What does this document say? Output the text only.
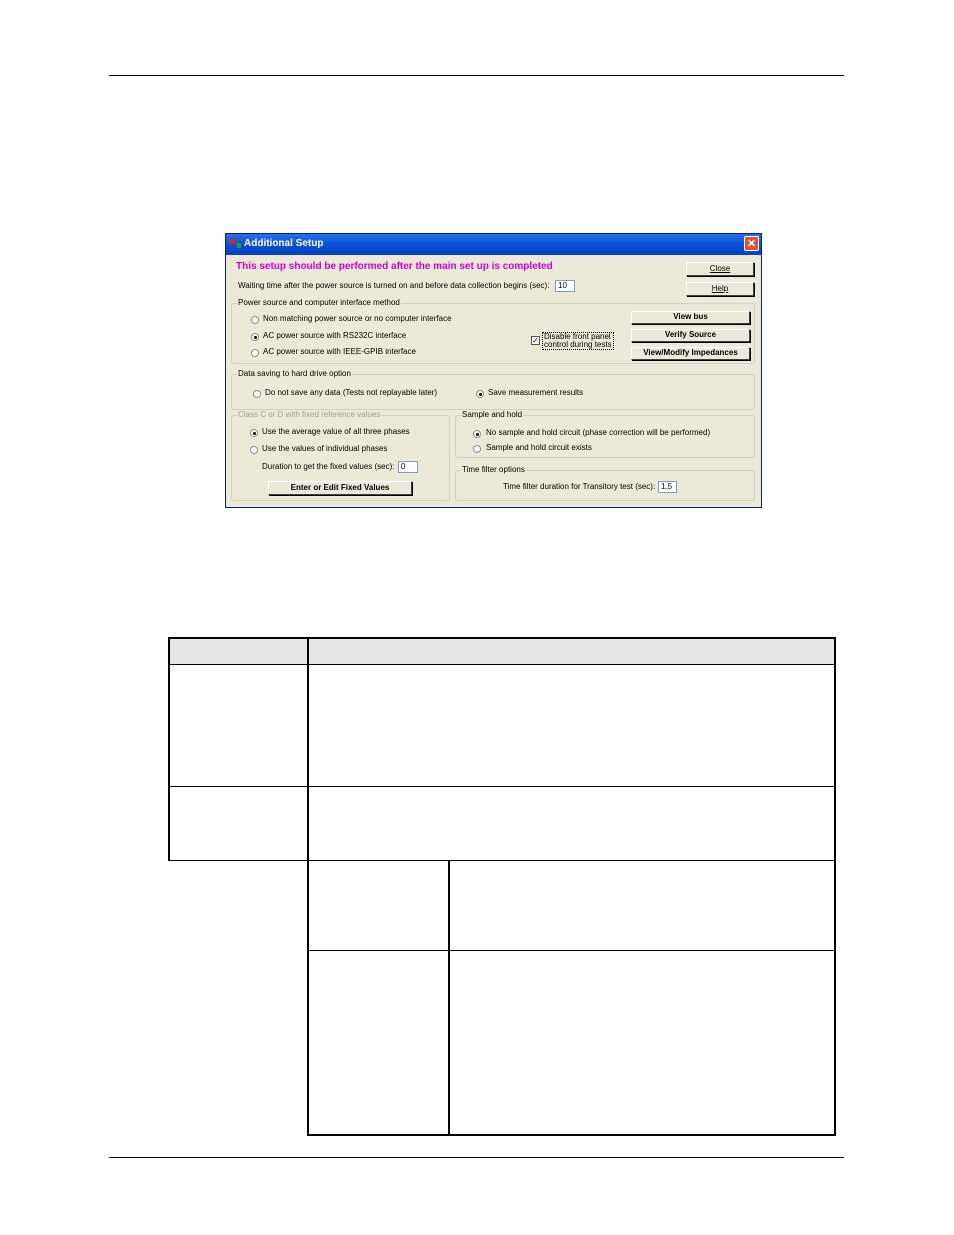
Additional Setup	✕
This setup should be performed after the main set up is completed
Waiting time after the power source is turned on and before data collection begins (sec):	10
Close
Help
Power source and computer interface method
Non matching power source or no computer interface
AC power source with RS232C interface
AC power source with IEEE-GPIB interface
✓ Disable front panel
control during tests
View bus
Verify Source
View/Modify Impedances
Data saving to hard drive option
Do not save any data (Tests not replayable later)	Save measurement results
Class C or D with fixed reference values
Use the average value of all three phases
Use the values of individual phases
Duration to get the fixed values (sec): 0
Enter or Edit Fixed Values
Sample and hold
No sample and hold circuit (phase correction will be performed)
Sample and hold circuit exists
Time filter options
Time filter duration for Transitory test (sec): 1.5
